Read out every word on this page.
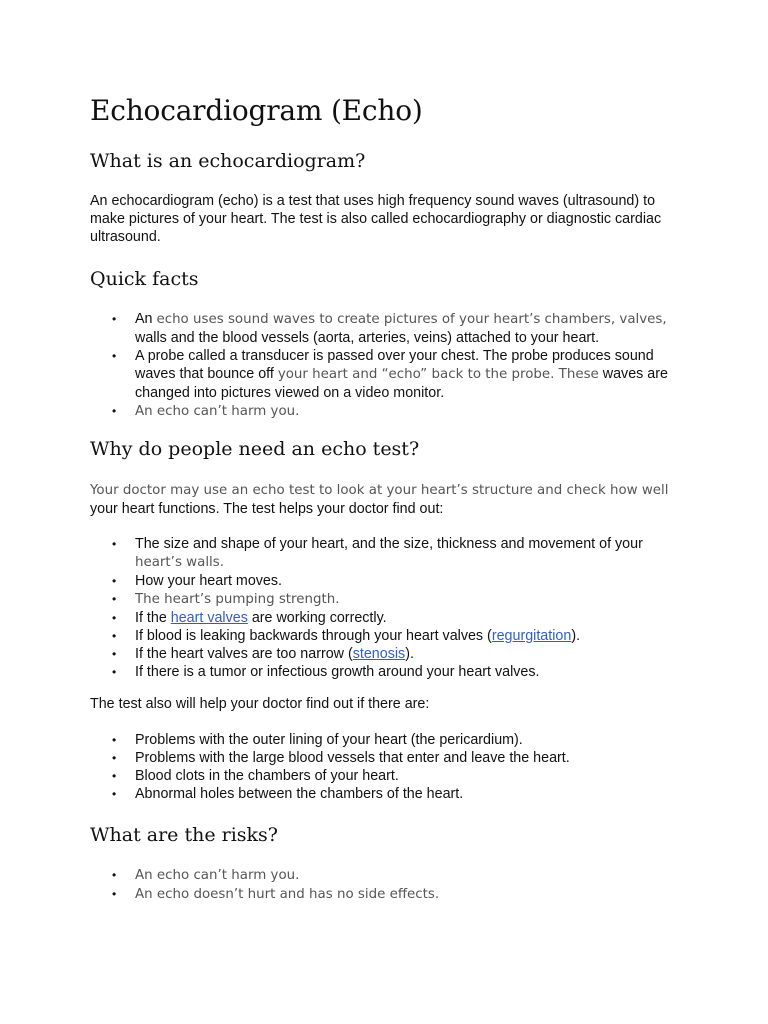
Echocardiogram (Echo)
What is an echocardiogram?

An echocardiogram (echo) is a test that uses high frequency sound waves (ultrasound) to make pictures of your heart. The test is also called echocardiography or diagnostic cardiac ultrasound.

Quick facts
• An echo uses sound waves to create pictures of your heart’s chambers, valves, walls and the blood vessels (aorta, arteries, veins) attached to your heart.
• A probe called a transducer is passed over your chest. The probe produces sound waves that bounce off your heart and “echo” back to the probe. These waves are changed into pictures viewed on a video monitor.
• An echo can’t harm you.
Why do people need an echo test?

Your doctor may use an echo test to look at your heart’s structure and check how well your heart functions. The test helps your doctor find out:

• The size and shape of your heart, and the size, thickness and movement of your heart’s walls.
• How your heart moves.
• The heart’s pumping strength.
• If the heart valves are working correctly.
• If blood is leaking backwards through your heart valves (regurgitation).
• If the heart valves are too narrow (stenosis).
• If there is a tumor or infectious growth around your heart valves.

The test also will help your doctor find out if there are:

• Problems with the outer lining of your heart (the pericardium).
• Problems with the large blood vessels that enter and leave the heart.
• Blood clots in the chambers of your heart.
• Abnormal holes between the chambers of the heart.
What are the risks?
• An echo can’t harm you.
• An echo doesn’t hurt and has no side effects.
